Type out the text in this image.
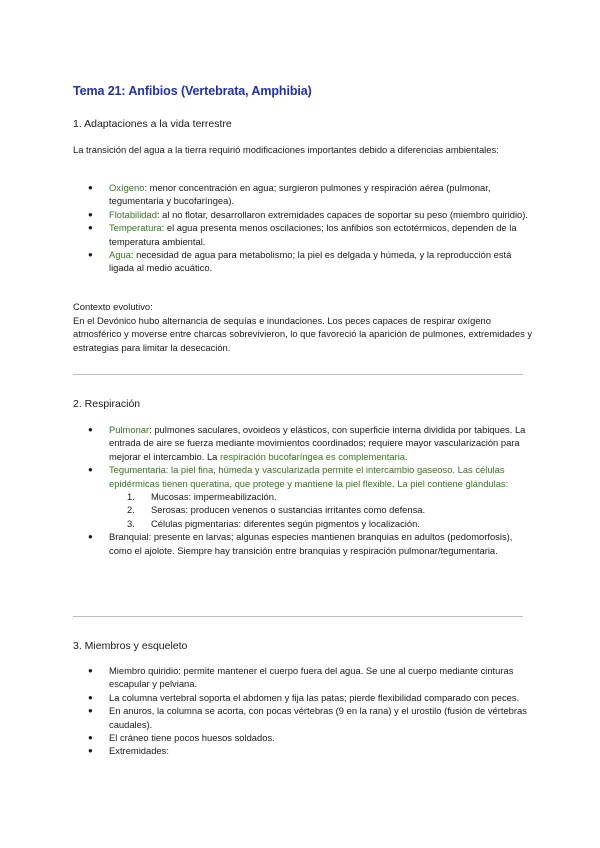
Tema 21: Anfibios (Vertebrata, Amphibia)
1. Adaptaciones a la vida terrestre
La transición del agua a la tierra requirió modificaciones importantes debido a diferencias ambientales:
● Oxígeno: menor concentración en agua; surgieron pulmones y respiración aérea (pulmonar, tegumentaria y bucofaríngea).
● Flotabilidad: al no flotar, desarrollaron extremidades capaces de soportar su peso (miembro quiridio).
● Temperatura: el agua presenta menos oscilaciones; los anfibios son ectotérmicos, dependen de la temperatura ambiental.
● Agua: necesidad de agua para metabolismo; la piel es delgada y húmeda, y la reproducción está ligada al medio acuático.
Contexto evolutivo:
En el Devónico hubo alternancia de sequías e inundaciones. Los peces capaces de respirar oxígeno atmosférico y moverse entre charcas sobrevivieron, lo que favoreció la aparición de pulmones, extremidades y estrategias para limitar la desecación.
2. Respiración
● Pulmonar: pulmones saculares, ovoideos y elásticos, con superficie interna dividida por tabiques. La entrada de aire se fuerza mediante movimientos coordinados; requiere mayor vascularización para mejorar el intercambio. La respiración bucofaríngea es complementaria.
● Tegumentaria: la piel fina, húmeda y vascularizada permite el intercambio gaseoso. Las células epidérmicas tienen queratina, que protege y mantiene la piel flexible. La piel contiene glándulas:
1. Mucosas: impermeabilización.
2. Serosas: producen venenos o sustancias irritantes como defensa.
3. Células pigmentarias: diferentes según pigmentos y localización.
● Branquial: presente en larvas; algunas especies mantienen branquias en adultos (pedomorfosis), como el ajolote. Siempre hay transición entre branquias y respiración pulmonar/tegumentaria.
3. Miembros y esqueleto
● Miembro quiridio: permite mantener el cuerpo fuera del agua. Se une al cuerpo mediante cinturas escapular y pelviana.
● La columna vertebral soporta el abdomen y fija las patas; pierde flexibilidad comparado con peces.
● En anuros, la columna se acorta, con pocas vértebras (9 en la rana) y el urostilo (fusión de vértebras caudales).
● El cráneo tiene pocos huesos soldados.
● Extremidades:
